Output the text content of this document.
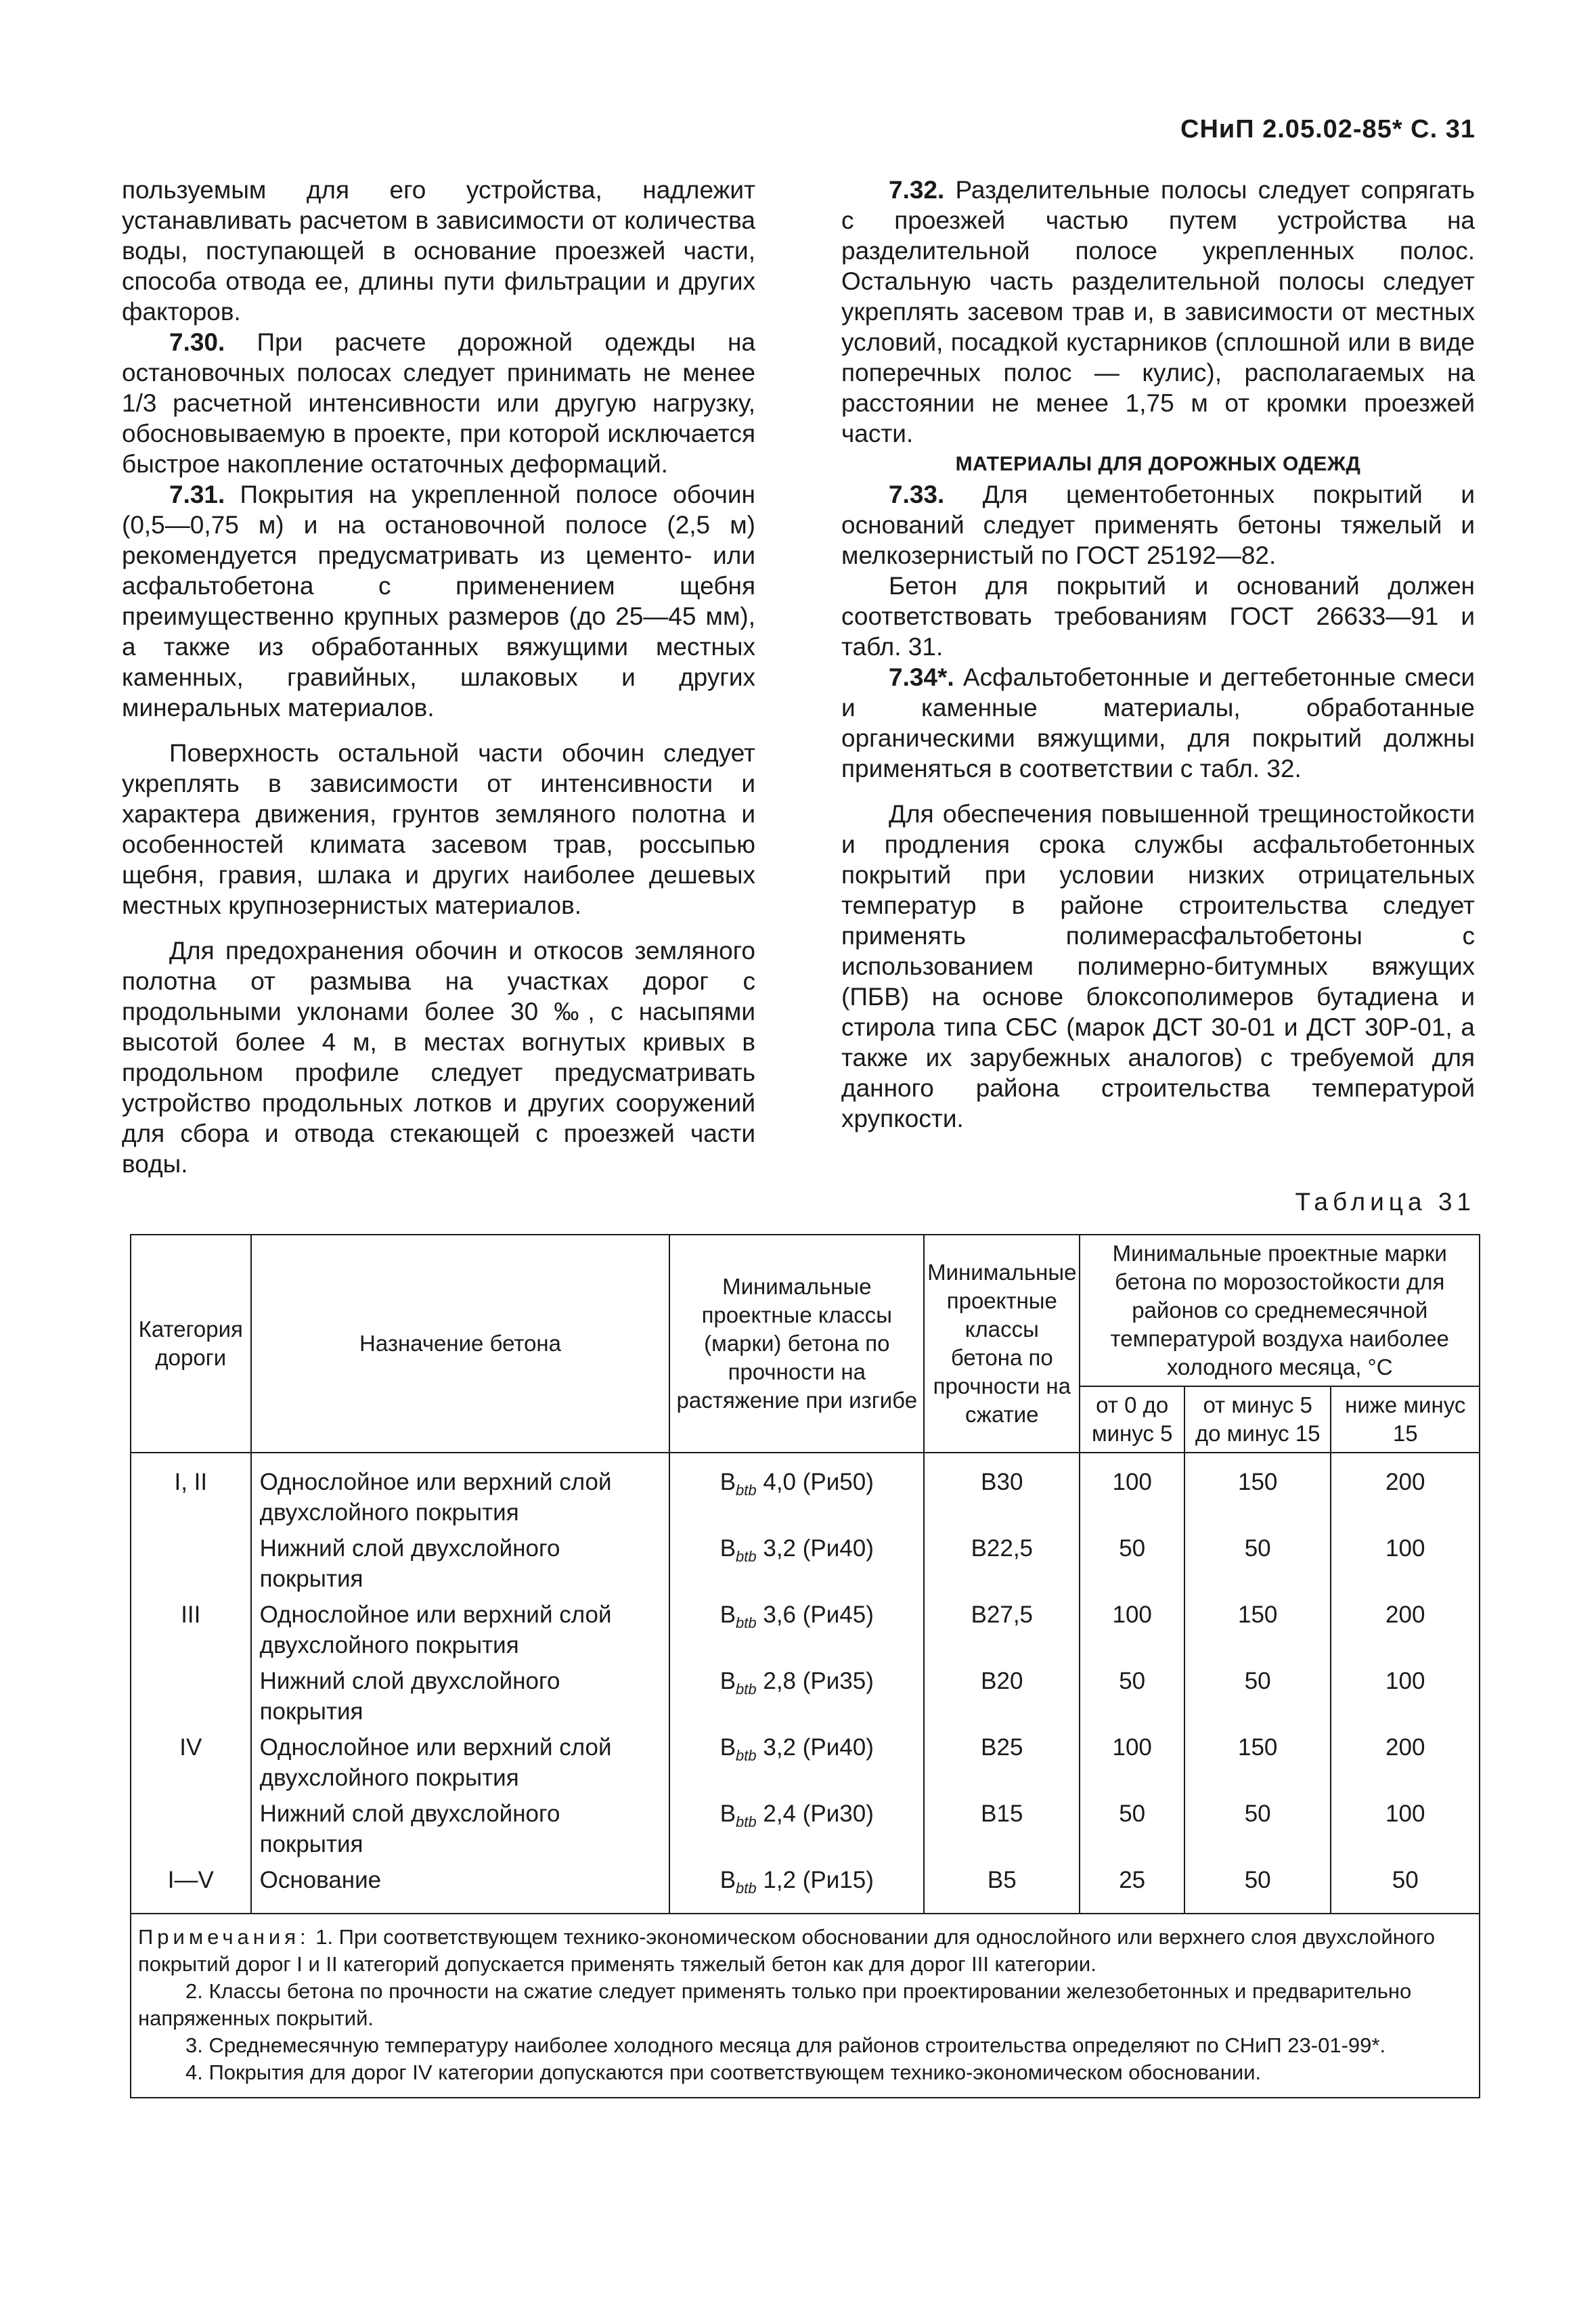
СНиП 2.05.02-85* С. 31

пользуемым для его устройства, надлежит устанавливать расчетом в зависимости от количества воды, поступающей в основание проезжей части, способа отвода ее, длины пути фильтрации и других факторов.

7.30. При расчете дорожной одежды на остановочных полосах следует принимать не менее 1/3 расчетной интенсивности или другую нагрузку, обосновываемую в проекте, при которой исключается быстрое накопление остаточных деформаций.

7.31. Покрытия на укрепленной полосе обочин (0,5—0,75 м) и на остановочной полосе (2,5 м) рекомендуется предусматривать из цементо- или асфальтобетона с применением щебня преимущественно крупных размеров (до 25—45 мм), а также из обработанных вяжущими местных каменных, гравийных, шлаковых и других минеральных материалов.

Поверхность остальной части обочин следует укреплять в зависимости от интенсивности и характера движения, грунтов земляного полотна и особенностей климата засевом трав, россыпью щебня, гравия, шлака и других наиболее дешевых местных крупнозернистых материалов.

Для предохранения обочин и откосов земляного полотна от размыва на участках дорог с продольными уклонами более 30 ‰, с насыпями высотой более 4 м, в местах вогнутых кривых в продольном профиле следует предусматривать устройство продольных лотков и других сооружений для сбора и отвода стекающей с проезжей части воды.

7.32. Разделительные полосы следует сопрягать с проезжей частью путем устройства на разделительной полосе укрепленных полос. Остальную часть разделительной полосы следует укреплять засевом трав и, в зависимости от местных условий, посадкой кустарников (сплошной или в виде поперечных полос — кулис), располагаемых на расстоянии не менее 1,75 м от кромки проезжей части.

МАТЕРИАЛЫ ДЛЯ ДОРОЖНЫХ ОДЕЖД

7.33. Для цементобетонных покрытий и оснований следует применять бетоны тяжелый и мелкозернистый по ГОСТ 25192—82.

Бетон для покрытий и оснований должен соответствовать требованиям ГОСТ 26633—91 и табл. 31.

7.34*. Асфальтобетонные и дегтебетонные смеси и каменные материалы, обработанные органическими вяжущими, для покрытий должны применяться в соответствии с табл. 32.

Для обеспечения повышенной трещиностойкости и продления срока службы асфальтобетонных покрытий при условии низких отрицательных температур в районе строительства следует применять полимерасфальтобетоны с использованием полимерно-битумных вяжущих (ПБВ) на основе блоксополимеров бутадиена и стирола типа СБС (марок ДСТ 30-01 и ДСТ 30Р-01, а также их зарубежных аналогов) с требуемой для данного района строительства температурой хрупкости.

Таблица 31
Категория дороги	Назначение бетона	Минимальные проектные классы (марки) бетона по прочности на растяжение при изгибе	Минимальные проектные классы бетона по прочности на сжатие	Минимальные проектные марки бетона по морозостойкости для районов со среднемесячной температурой воздуха наиболее холодного месяца, °С		
				от 0 до минус 5	от минус 5 до минус 15	ниже минус 15
I, II	Однослойное или верхний слой двухслойного покрытия	$B_{btb}$ 4,0 (Ри50)	B30	100	150	200
	Нижний слой двухслойного покрытия	$B_{btb}$ 3,2 (Ри40)	B22,5	50	50	100
III	Однослойное или верхний слой двухслойного покрытия	$B_{btb}$ 3,6 (Ри45)	B27,5	100	150	200
	Нижний слой двухслойного покрытия	$B_{btb}$ 2,8 (Ри35)	B20	50	50	100
IV	Однослойное или верхний слой двухслойного покрытия	$B_{btb}$ 3,2 (Ри40)	B25	100	150	200
	Нижний слой двухслойного покрытия	$B_{btb}$ 2,4 (Ри30)	B15	50	50	100
I—V	Основание	$B_{btb}$ 1,2 (Ри15)	B5	25	50	50

Примечания: 1. При соответствующем технико-экономическом обосновании для однослойного или верхнего слоя двухслойного покрытий дорог I и II категорий допускается применять тяжелый бетон как для дорог III категории.

2. Классы бетона по прочности на сжатие следует применять только при проектировании железобетонных и предварительно напряженных покрытий.

3. Среднемесячную температуру наиболее холодного месяца для районов строительства определяют по СНиП 23-01-99*.

4. Покрытия для дорог IV категории допускаются при соответствующем технико-экономическом обосновании.						
